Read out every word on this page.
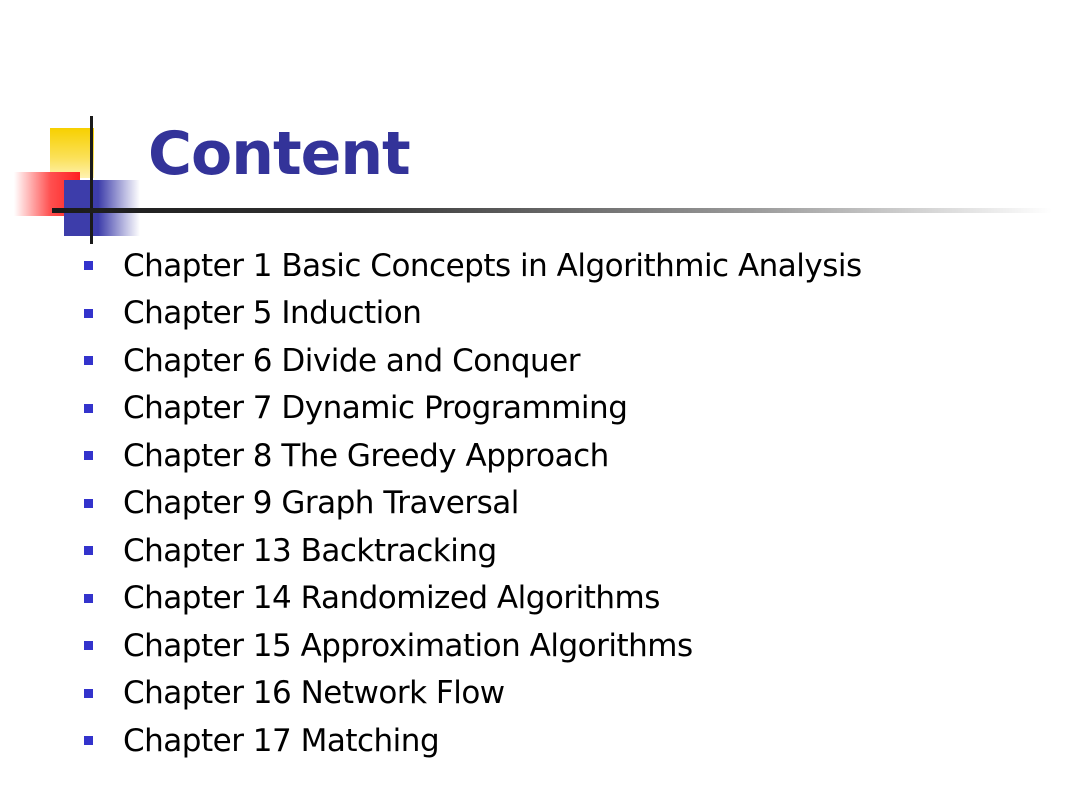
Content
Chapter 1 Basic Concepts in Algorithmic Analysis
Chapter 5 Induction
Chapter 6 Divide and Conquer
Chapter 7 Dynamic Programming
Chapter 8 The Greedy Approach
Chapter 9 Graph Traversal
Chapter 13 Backtracking
Chapter 14 Randomized Algorithms
Chapter 15 Approximation Algorithms
Chapter 16 Network Flow
Chapter 17 Matching
